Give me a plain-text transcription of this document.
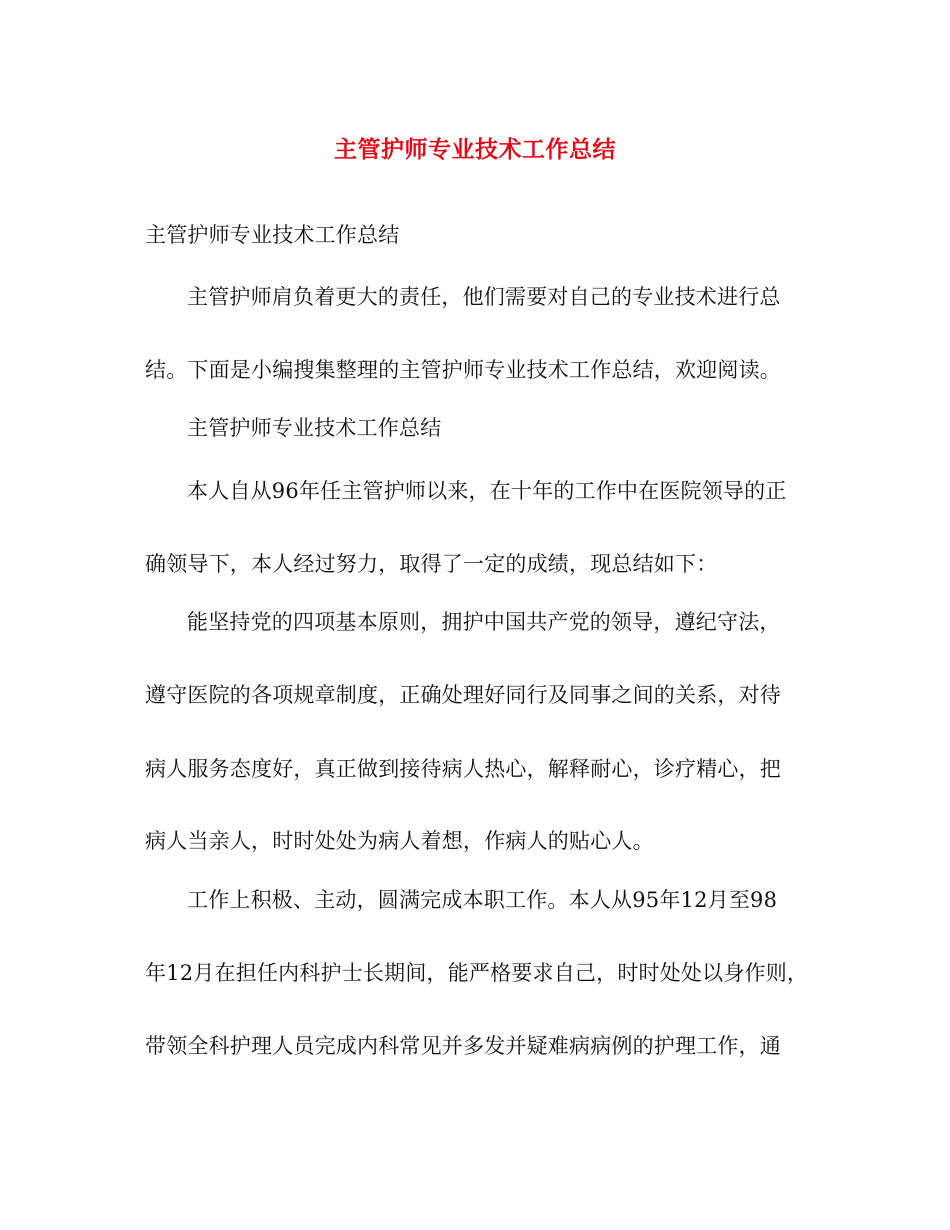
主管护师专业技术工作总结
主管护师专业技术工作总结
主管护师肩负着更大的责任，他们需要对自己的专业技术进行总
结。下面是小编搜集整理的主管护师专业技术工作总结，欢迎阅读。
主管护师专业技术工作总结
本人自从96年任主管护师以来，在十年的工作中在医院领导的正
确领导下，本人经过努力，取得了一定的成绩，现总结如下：
能坚持党的四项基本原则，拥护中国共产党的领导，遵纪守法，
遵守医院的各项规章制度，正确处理好同行及同事之间的关系，对待
病人服务态度好，真正做到接待病人热心，解释耐心，诊疗精心，把
病人当亲人，时时处处为病人着想，作病人的贴心人。
工作上积极、主动，圆满完成本职工作。本人从95年12月至98
年12月在担任内科护士长期间，能严格要求自己，时时处处以身作则，
带领全科护理人员完成内科常见并多发并疑难病病例的护理工作，通
